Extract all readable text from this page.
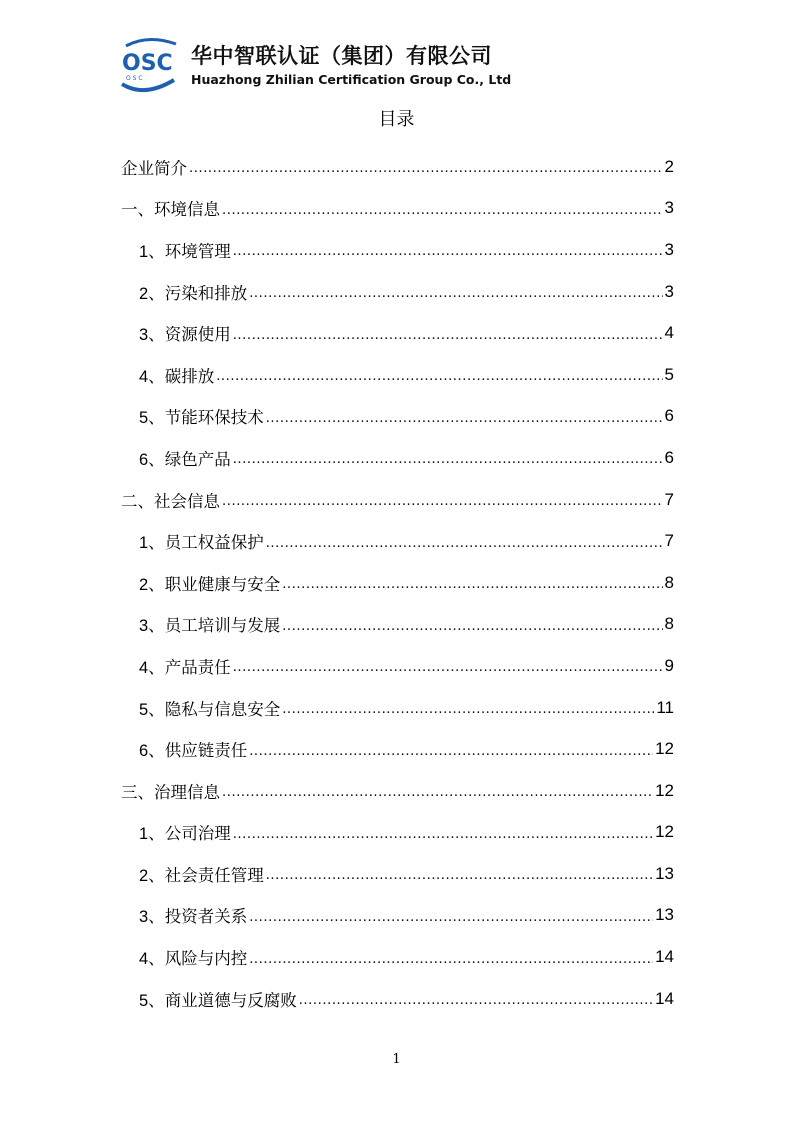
OSC
O S C
华中智联认证（集团）有限公司
Huazhong Zhilian Certification Group Co., Ltd
目录
企业简介 .....	2
一、环境信息 .....	3
1、环境管理 .....	3
2、污染和排放 .....	3
3、资源使用 .....	4
4、碳排放 .....	5
5、节能环保技术 .....	6
6、绿色产品 .....	6
二、社会信息 .....	7
1、员工权益保护 .....	7
2、职业健康与安全 .....	8
3、员工培训与发展 .....	8
4、产品责任 .....	9
5、隐私与信息安全 .....	11
6、供应链责任 .....	12
三、治理信息 .....	12
1、公司治理 .....	12
2、社会责任管理 .....	13
3、投资者关系 .....	13
4、风险与内控 .....	14
5、商业道德与反腐败 .....	14
1
